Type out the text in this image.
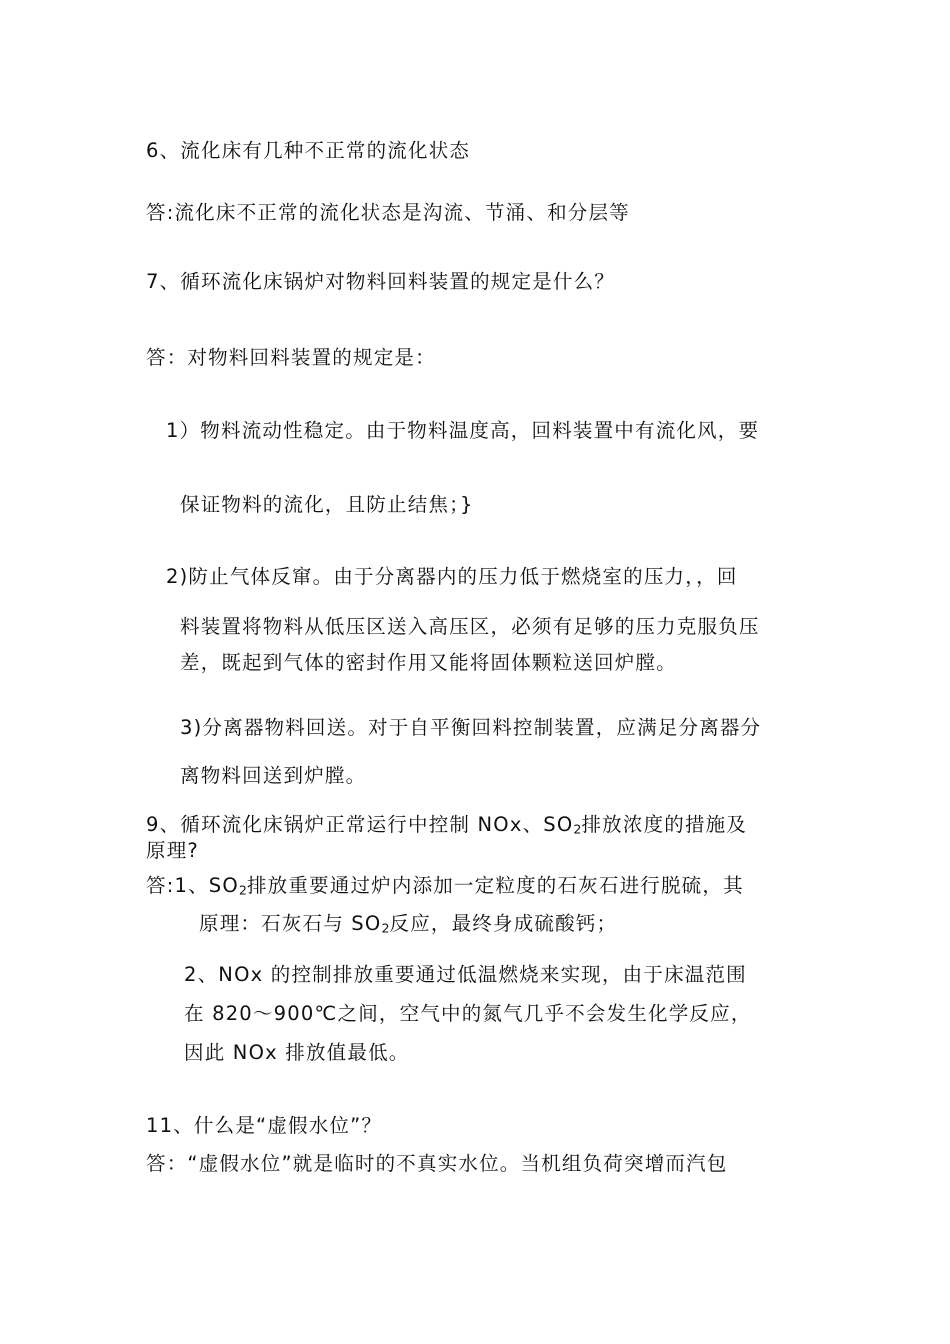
6、流化床有几种不正常的流化状态
答:流化床不正常的流化状态是沟流、节涌、和分层等
7、循环流化床锅炉对物料回料装置的规定是什么？
答：对物料回料装置的规定是：
1）物料流动性稳定。由于物料温度高，回料装置中有流化风，要
保证物料的流化，且防止结焦；}
2)防止气体反窜。由于分离器内的压力低于燃烧室的压力，，回
料装置将物料从低压区送入高压区，必须有足够的压力克服负压
差，既起到气体的密封作用又能将固体颗粒送回炉膛。
3)分离器物料回送。对于自平衡回料控制装置，应满足分离器分
离物料回送到炉膛。
9、循环流化床锅炉正常运行中控制 NOx、$SO_2$排放浓度的措施及
原理?
答:1、$SO_2$排放重要通过炉内添加一定粒度的石灰石进行脱硫，其
原理：石灰石与 $SO_2$反应，最终身成硫酸钙；
2、NOx 的控制排放重要通过低温燃烧来实现，由于床温范围
在 820～900℃之间，空气中的氮气几乎不会发生化学反应，
因此 NOx 排放值最低。
11、什么是“虚假水位”？
答：“虚假水位”就是临时的不真实水位。当机组负荷突增而汽包
